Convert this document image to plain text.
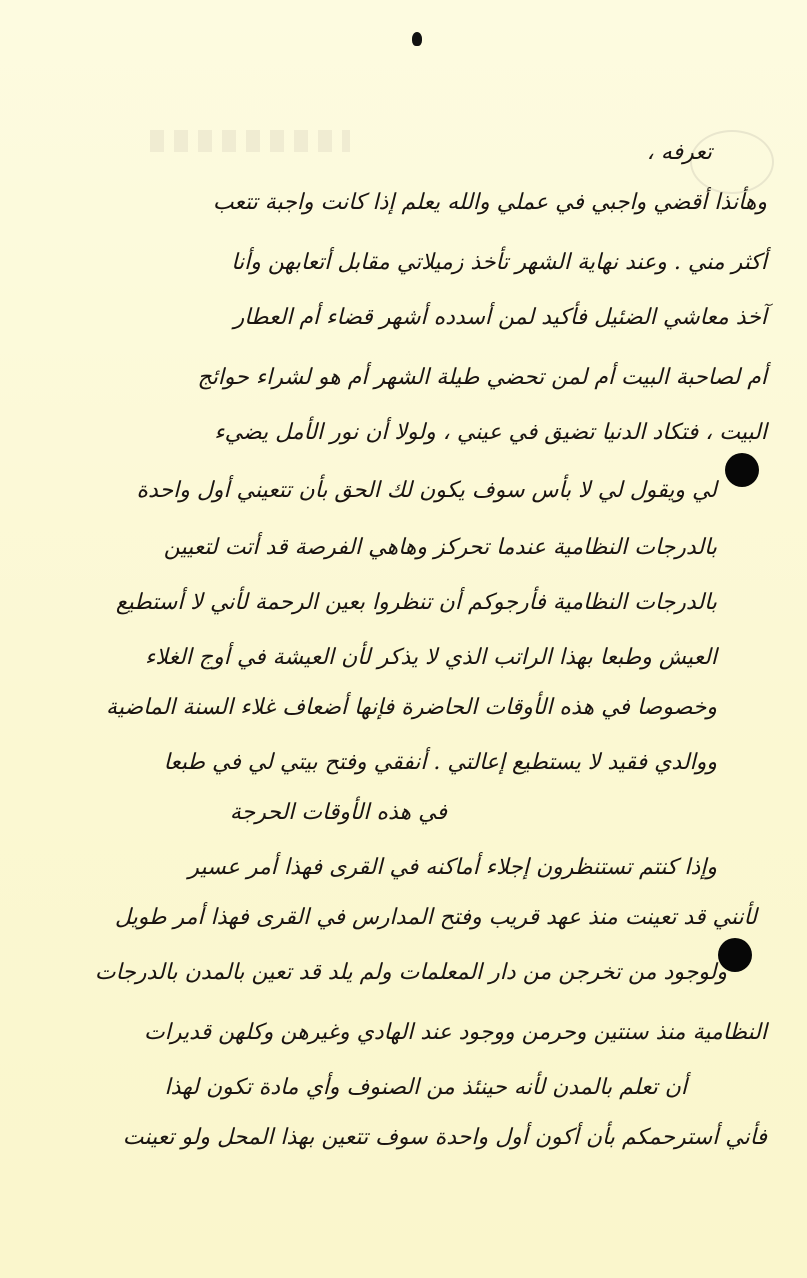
تعرفه ،
وهأنذا أقضي واجبي في عملي والله يعلم إذا كانت واجبة تتعب
أكثر مني . وعند نهاية الشهر تأخذ زميلاتي مقابل أتعابهن وأنا
آخذ معاشي الضئيل فأكيد لمن أسدده أشهر قضاء أم العطار
أم لصاحبة البيت أم لمن تحضي طيلة الشهر أم هو لشراء حوائج
البيت ، فتكاد الدنيا تضيق في عيني ، ولولا أن نور الأمل يضيء
لي ويقول لي لا بأس سوف يكون لك الحق بأن تتعيني أول واحدة
بالدرجات النظامية عندما تحركز وهاهي الفرصة قد أتت لتعيين
بالدرجات النظامية فأرجوكم أن تنظروا بعين الرحمة لأني لا أستطيع
العيش وطبعا بهذا الراتب الذي لا يذكر لأن العيشة في أوج الغلاء
وخصوصا في هذه الأوقات الحاضرة فإنها أضعاف غلاء السنة الماضية
ووالدي فقيد لا يستطيع إعالتي . أنفقي وفتح بيتي لي في طبعا
في هذه الأوقات الحرجة
وإذا كنتم تستنظرون إجلاء أماكنه في القرى فهذا أمر عسير
لأنني قد تعينت منذ عهد قريب وفتح المدارس في القرى فهذا أمر طويل
ولوجود من تخرجن من دار المعلمات ولم يلد قد تعين بالمدن بالدرجات
النظامية منذ سنتين وحرمن ووجود عند الهادي وغيرهن وكلهن قديرات
أن تعلم بالمدن لأنه حينئذ من الصنوف وأي مادة تكون لهذا
فأني أسترحمكم بأن أكون أول واحدة سوف تتعين بهذا المحل ولو تعينت
